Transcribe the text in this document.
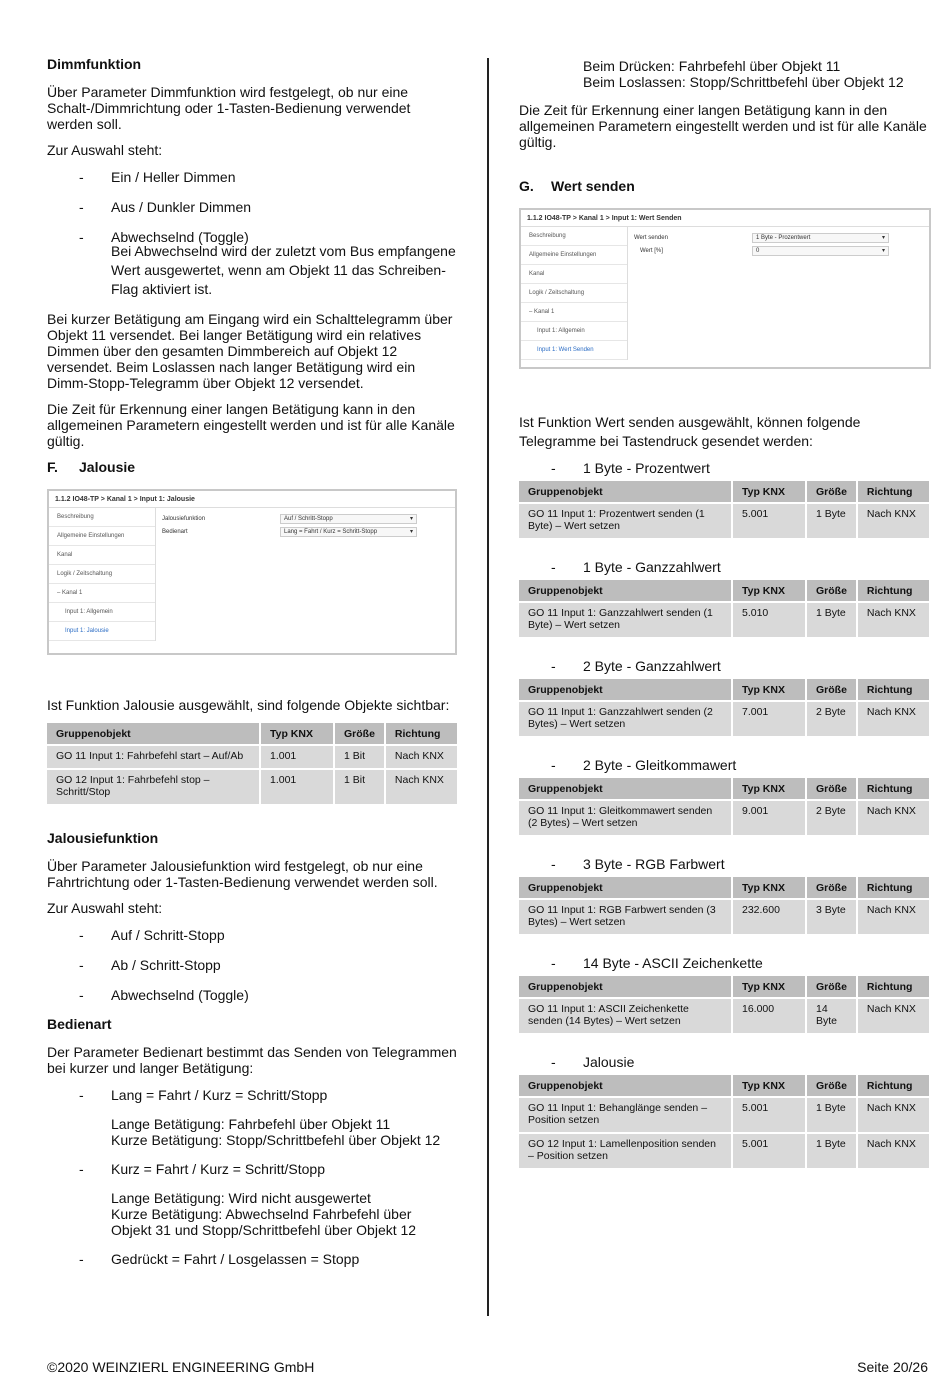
Dimmfunktion

Über Parameter Dimmfunktion wird festgelegt, ob nur eine Schalt-/Dimmrichtung oder 1-Tasten-Bedienung verwendet werden soll.

Zur Auswahl steht:

- Ein / Heller Dimmen
- Aus / Dunkler Dimmen
- Abwechselnd (Toggle)
Bei Abwechselnd wird der zuletzt vom Bus empfangene Wert ausgewertet, wenn am Objekt 11 das Schreiben-Flag aktiviert ist.

Bei kurzer Betätigung am Eingang wird ein Schalttelegramm über Objekt 11 versendet. Bei langer Betätigung wird ein relatives Dimmen über den gesamten Dimmbereich auf Objekt 12 versendet. Beim Loslassen nach langer Betätigung wird ein Dimm-Stopp-Telegramm über Objekt 12 versendet.

Die Zeit für Erkennung einer langen Betätigung kann in den allgemeinen Parametern eingestellt werden und ist für alle Kanäle gültig.

F. Jalousie
1.1.2 IO48-TP > Kanal 1 > Input 1: Jalousie
Beschreibung
Allgemeine Einstellungen
Kanal
Logik / Zeitschaltung
– Kanal 1
Input 1: Allgemein
Input 1: Jalousie
Jalousiefunktion	Auf / Schritt-Stopp ▾
Bedienart	Lang = Fahrt / Kurz = Schritt-Stopp ▾

Ist Funktion Jalousie ausgewählt, sind folgende Objekte sichtbar:

Gruppenobjekt	Typ KNX	Größe	Richtung
GO 11 Input 1: Fahrbefehl start – Auf/Ab	1.001	1 Bit	Nach KNX
GO 12 Input 1: Fahrbefehl stop – Schritt/Stop	1.001	1 Bit	Nach KNX
Jalousiefunktion

Über Parameter Jalousiefunktion wird festgelegt, ob nur eine Fahrtrichtung oder 1-Tasten-Bedienung verwendet werden soll.

Zur Auswahl steht:

- Auf / Schritt-Stopp
- Ab / Schritt-Stopp
- Abwechselnd (Toggle)
Bedienart

Der Parameter Bedienart bestimmt das Senden von Telegrammen bei kurzer und langer Betätigung:

- Lang = Fahrt / Kurz = Schritt/Stopp
Lange Betätigung: Fahrbefehl über Objekt 11
Kurze Betätigung: Stopp/Schrittbefehl über Objekt 12
- Kurz = Fahrt / Kurz = Schritt/Stopp
Lange Betätigung: Wird nicht ausgewertet
Kurze Betätigung: Abwechselnd Fahrbefehl über
Objekt 31 und Stopp/Schrittbefehl über Objekt 12
- Gedrückt = Fahrt / Losgelassen = Stopp
Beim Drücken: Fahrbefehl über Objekt 11
Beim Loslassen: Stopp/Schrittbefehl über Objekt 12

Die Zeit für Erkennung einer langen Betätigung kann in den allgemeinen Parametern eingestellt werden und ist für alle Kanäle gültig.

G. Wert senden
1.1.2 IO48-TP > Kanal 1 > Input 1: Wert Senden
Beschreibung
Allgemeine Einstellungen
Kanal
Logik / Zeitschaltung
– Kanal 1
Input 1: Allgemein
Input 1: Wert Senden
Wert senden	1 Byte - Prozentwert ▾
Wert [%]	0 ▾

Ist Funktion Wert senden ausgewählt, können folgende Telegramme bei Tastendruck gesendet werden:

- 1 Byte - Prozentwert
Gruppenobjekt	Typ KNX	Größe	Richtung
GO 11 Input 1: Prozentwert senden (1 Byte) – Wert setzen	5.001	1 Byte	Nach KNX
- 1 Byte - Ganzzahlwert
Gruppenobjekt	Typ KNX	Größe	Richtung
GO 11 Input 1: Ganzzahlwert senden (1 Byte) – Wert setzen	5.010	1 Byte	Nach KNX
- 2 Byte - Ganzzahlwert
Gruppenobjekt	Typ KNX	Größe	Richtung
GO 11 Input 1: Ganzzahlwert senden (2 Bytes) – Wert setzen	7.001	2 Byte	Nach KNX
- 2 Byte - Gleitkommawert
Gruppenobjekt	Typ KNX	Größe	Richtung
GO 11 Input 1: Gleitkommawert senden (2 Bytes) – Wert setzen	9.001	2 Byte	Nach KNX
- 3 Byte - RGB Farbwert
Gruppenobjekt	Typ KNX	Größe	Richtung
GO 11 Input 1: RGB Farbwert senden (3 Bytes) – Wert setzen	232.600	3 Byte	Nach KNX
- 14 Byte - ASCII Zeichenkette
Gruppenobjekt	Typ KNX	Größe	Richtung
GO 11 Input 1: ASCII Zeichenkette senden (14 Bytes) – Wert setzen	16.000	14 Byte	Nach KNX
- Jalousie
Gruppenobjekt	Typ KNX	Größe	Richtung
GO 11 Input 1: Behanglänge senden – Position setzen	5.001	1 Byte	Nach KNX
GO 12 Input 1: Lamellenposition senden – Position setzen	5.001	1 Byte	Nach KNX
©2020 WEINZIERL ENGINEERING GmbH	Seite 20/26
